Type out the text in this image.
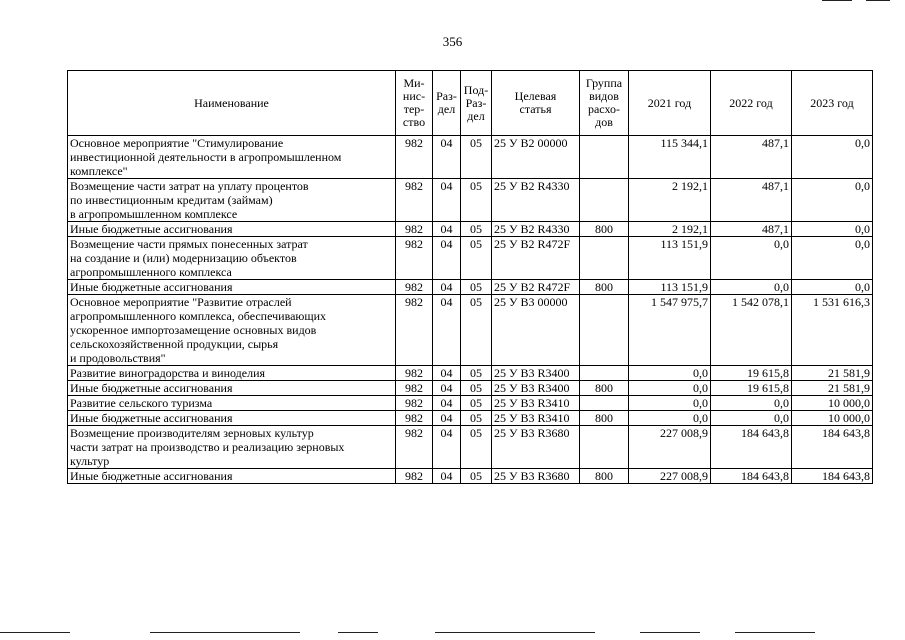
356
Наименование	Ми-
нис-
тер-
ство	Раз-
дел	Под-
Раз-
дел	Целевая
статья	Группа
видов
расхо-
дов	2021 год	2022 год	2023 год
Основное мероприятие "Стимулирование
инвестиционной деятельности в агропромышленном
комплексе"	982	04	05	25 У B2 00000		115 344,1	487,1	0,0
Возмещение части затрат на уплату процентов
по инвестиционным кредитам (займам)
в агропромышленном комплексе	982	04	05	25 У B2 R4330		2 192,1	487,1	0,0
Иные бюджетные ассигнования	982	04	05	25 У B2 R4330	800	2 192,1	487,1	0,0
Возмещение части прямых понесенных затрат
на создание и (или) модернизацию объектов
агропромышленного комплекса	982	04	05	25 У B2 R472F		113 151,9	0,0	0,0
Иные бюджетные ассигнования	982	04	05	25 У B2 R472F	800	113 151,9	0,0	0,0
Основное мероприятие "Развитие отраслей
агропромышленного комплекса, обеспечивающих
ускоренное импортозамещение основных видов
сельскохозяйственной продукции, сырья
и продовольствия"	982	04	05	25 У B3 00000		1 547 975,7	1 542 078,1	1 531 616,3
Развитие виноградорства и виноделия	982	04	05	25 У B3 R3400		0,0	19 615,8	21 581,9
Иные бюджетные ассигнования	982	04	05	25 У B3 R3400	800	0,0	19 615,8	21 581,9
Развитие сельского туризма	982	04	05	25 У B3 R3410		0,0	0,0	10 000,0
Иные бюджетные ассигнования	982	04	05	25 У B3 R3410	800	0,0	0,0	10 000,0
Возмещение производителям зерновых культур
части затрат на производство и реализацию зерновых
культур	982	04	05	25 У B3 R3680		227 008,9	184 643,8	184 643,8
Иные бюджетные ассигнования	982	04	05	25 У B3 R3680	800	227 008,9	184 643,8	184 643,8
